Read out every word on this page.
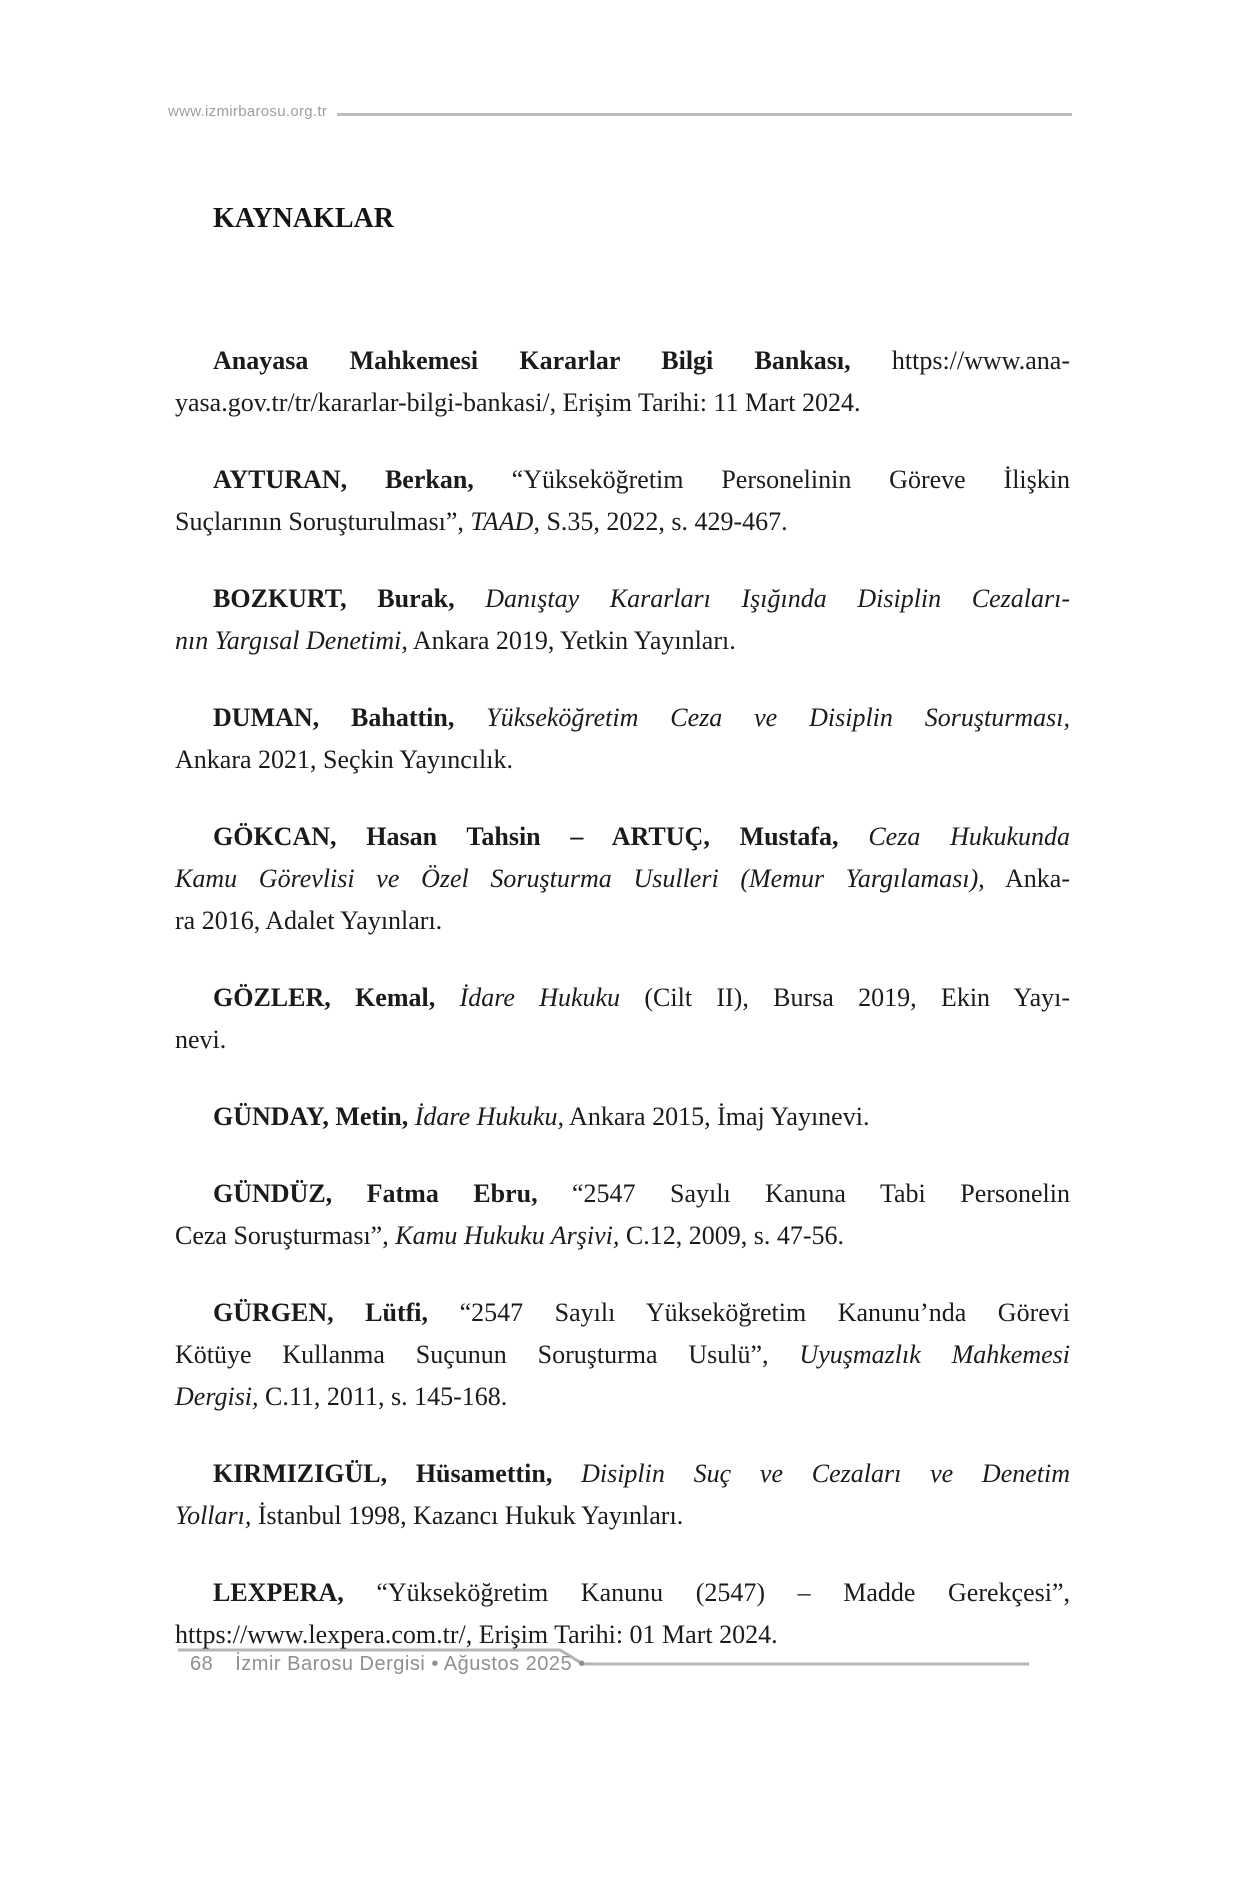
www.izmirbarosu.org.tr
KAYNAKLAR

Anayasa Mahkemesi Kararlar Bilgi Bankası, https://www.ana-
yasa.gov.tr/tr/kararlar-bilgi-bankasi/, Erişim Tarihi: 11 Mart 2024.

AYTURAN, Berkan, “Yükseköğretim Personelinin Göreve İlişkin
Suçlarının Soruşturulması”, TAAD, S.35, 2022, s. 429-467.

BOZKURT, Burak, Danıştay Kararları Işığında Disiplin Cezaları-
nın Yargısal Denetimi, Ankara 2019, Yetkin Yayınları.

DUMAN, Bahattin, Yükseköğretim Ceza ve Disiplin Soruşturması,
Ankara 2021, Seçkin Yayıncılık.

GÖKCAN, Hasan Tahsin – ARTUÇ, Mustafa, Ceza Hukukunda
Kamu Görevlisi ve Özel Soruşturma Usulleri (Memur Yargılaması), Anka-
ra 2016, Adalet Yayınları.

GÖZLER, Kemal, İdare Hukuku (Cilt II), Bursa 2019, Ekin Yayı-
nevi.

GÜNDAY, Metin, İdare Hukuku, Ankara 2015, İmaj Yayınevi.

GÜNDÜZ, Fatma Ebru, “2547 Sayılı Kanuna Tabi Personelin
Ceza Soruşturması”, Kamu Hukuku Arşivi, C.12, 2009, s. 47-56.

GÜRGEN, Lütfi, “2547 Sayılı Yükseköğretim Kanunu’nda Görevi
Kötüye Kullanma Suçunun Soruşturma Usulü”, Uyuşmazlık Mahkemesi
Dergisi, C.11, 2011, s. 145-168.

KIRMIZIGÜL, Hüsamettin, Disiplin Suç ve Cezaları ve Denetim
Yolları, İstanbul 1998, Kazancı Hukuk Yayınları.

LEXPERA, “Yükseköğretim Kanunu (2547) – Madde Gerekçesi”,
https://www.lexpera.com.tr/, Erişim Tarihi: 01 Mart 2024.

68 İzmir Barosu Dergisi • Ağustos 2025 •
